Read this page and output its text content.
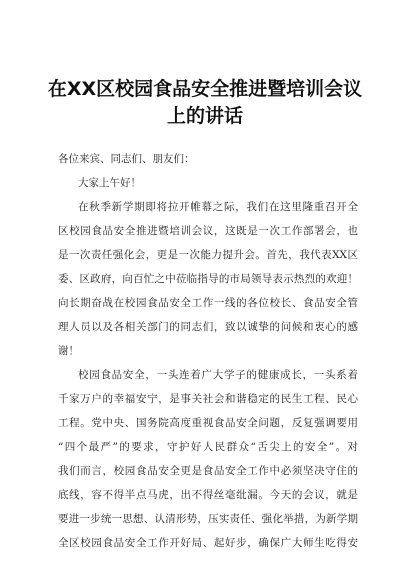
在XX区校园食品安全推进暨培训会议
上的讲话
各位来宾、同志们、朋友们：
大家上午好！
在秋季新学期即将拉开帷幕之际，我们在这里隆重召开全
区校园食品安全推进暨培训会议，这既是一次工作部署会，也
是一次责任强化会，更是一次能力提升会。首先，我代表XX区
委、区政府，向百忙之中莅临指导的市局领导表示热烈的欢迎！
向长期奋战在校园食品安全工作一线的各位校长、食品安全管
理人员以及各相关部门的同志们，致以诚挚的问候和衷心的感
谢！
校园食品安全，一头连着广大学子的健康成长，一头系着
千家万户的幸福安宁，是事关社会和谐稳定的民生工程、民心
工程。党中央、国务院高度重视食品安全问题，反复强调要用
“四个最严”的要求，守护好人民群众“舌尖上的安全”。对
我们而言，校园食品安全更是食品安全工作中必须坚决守住的
底线，容不得半点马虎，出不得丝毫纰漏。今天的会议，就是
要进一步统一思想、认清形势，压实责任、强化举措，为新学期
全区校园食品安全工作开好局、起好步，确保广大师生吃得安
